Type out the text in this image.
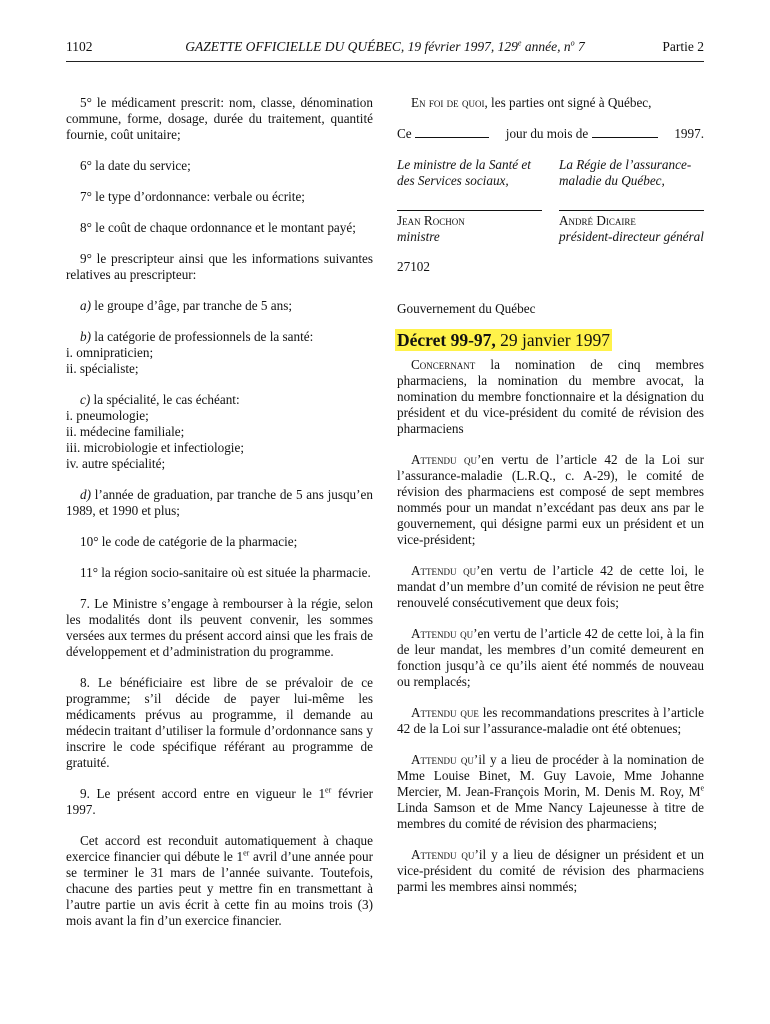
1102	GAZETTE OFFICIELLE DU QUÉBEC, 19 février 1997, 129e année, $n^o$ 7	Partie 2

5° le médicament prescrit: nom, classe, dénomination commune, forme, dosage, durée du traitement, quantité fournie, coût unitaire;

6° la date du service;

7° le type d’ordonnance: verbale ou écrite;

8° le coût de chaque ordonnance et le montant payé;

9° le prescripteur ainsi que les informations suivantes relatives au prescripteur:

a) le groupe d’âge, par tranche de 5 ans;

b) la catégorie de professionnels de la santé:

i. omnipraticien;

ii. spécialiste;

c) la spécialité, le cas échéant:

i. pneumologie;

ii. médecine familiale;

iii. microbiologie et infectiologie;

iv. autre spécialité;

d) l’année de graduation, par tranche de 5 ans jusqu’en 1989, et 1990 et plus;

10° le code de catégorie de la pharmacie;

11° la région socio-sanitaire où est située la pharmacie.

7. Le Ministre s’engage à rembourser à la régie, selon les modalités dont ils peuvent convenir, les sommes versées aux termes du présent accord ainsi que les frais de développement et d’administration du programme.

8. Le bénéficiaire est libre de se prévaloir de ce programme; s’il décide de payer lui-même les médicaments prévus au programme, il demande au médecin traitant d’utiliser la formule d’ordonnance sans y inscrire le code spécifique référant au programme de gratuité.

9. Le présent accord entre en vigueur le 1er février 1997.

Cet accord est reconduit automatiquement à chaque exercice financier qui débute le 1er avril d’une année pour se terminer le 31 mars de l’année suivante. Toutefois, chacune des parties peut y mettre fin en transmettant à l’autre partie un avis écrit à cette fin au moins trois (3) mois avant la fin d’un exercice financier.

En foi de quoi, les parties ont signé à Québec,

Ce	jour du mois de	1997.

Le ministre de la Santé et des Services sociaux,
La Régie de l’assurance-maladie du Québec,
Jean Rochon
ministre
André Dicaire
président-directeur général

27102

Gouvernement du Québec

Décret 99-97, 29 janvier 1997

Concernant la nomination de cinq membres pharmaciens, la nomination du membre avocat, la nomination du membre fonctionnaire et la désignation du président et du vice-président du comité de révision des pharmaciens

Attendu qu’en vertu de l’article 42 de la Loi sur l’assurance-maladie (L.R.Q., c. A-29), le comité de révision des pharmaciens est composé de sept membres nommés pour un mandat n’excédant pas deux ans par le gouvernement, qui désigne parmi eux un président et un vice-président;

Attendu qu’en vertu de l’article 42 de cette loi, le mandat d’un membre d’un comité de révision ne peut être renouvelé consécutivement que deux fois;

Attendu qu’en vertu de l’article 42 de cette loi, à la fin de leur mandat, les membres d’un comité demeurent en fonction jusqu’à ce qu’ils aient été nommés de nouveau ou remplacés;

Attendu que les recommandations prescrites à l’article 42 de la Loi sur l’assurance-maladie ont été obtenues;

Attendu qu’il y a lieu de procéder à la nomination de Mme Louise Binet, M. Guy Lavoie, Mme Johanne Mercier, M. Jean-François Morin, M. Denis M. Roy, Me Linda Samson et de Mme Nancy Lajeunesse à titre de membres du comité de révision des pharmaciens;

Attendu qu’il y a lieu de désigner un président et un vice-président du comité de révision des pharmaciens parmi les membres ainsi nommés;
